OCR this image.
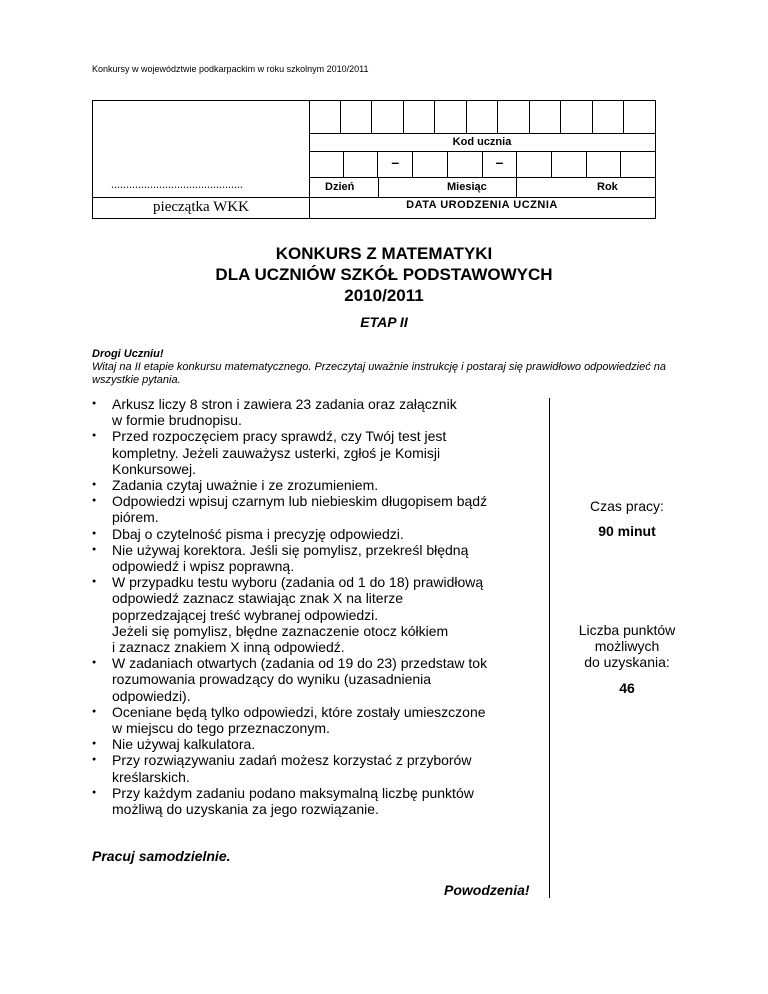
Konkursy w województwie podkarpackim w roku szkolnym 2010/2011
............................................
pieczątka WKK
Kod ucznia
–	–
Dzień	Miesiąc	Rok
DATA URODZENIA UCZNIA
KONKURS Z MATEMATYKI
DLA UCZNIÓW SZKÓŁ PODSTAWOWYCH
2010/2011
ETAP II
Drogi Uczniu!
Witaj na II etapie konkursu matematycznego. Przeczytaj uważnie instrukcję i postaraj się prawidłowo odpowiedzieć na wszystkie pytania.
● Arkusz liczy 8 stron i zawiera 23 zadania oraz załącznik
w formie brudnopisu.
● Przed rozpoczęciem pracy sprawdź, czy Twój test jest
kompletny. Jeżeli zauważysz usterki, zgłoś je Komisji
Konkursowej.
● Zadania czytaj uważnie i ze zrozumieniem.
● Odpowiedzi wpisuj czarnym lub niebieskim długopisem bądź
piórem.
● Dbaj o czytelność pisma i precyzję odpowiedzi.
● Nie używaj korektora. Jeśli się pomylisz, przekreśl błędną
odpowiedź i wpisz poprawną.
● W przypadku testu wyboru (zadania od 1 do 18) prawidłową
odpowiedź zaznacz stawiając znak X na literze
poprzedzającej treść wybranej odpowiedzi.
Jeżeli się pomylisz, błędne zaznaczenie otocz kółkiem
i zaznacz znakiem X inną odpowiedź.
● W zadaniach otwartych (zadania od 19 do 23) przedstaw tok
rozumowania prowadzący do wyniku (uzasadnienia
odpowiedzi).
● Oceniane będą tylko odpowiedzi, które zostały umieszczone
w miejscu do tego przeznaczonym.
● Nie używaj kalkulatora.
● Przy rozwiązywaniu zadań możesz korzystać z przyborów
kreślarskich.
● Przy każdym zadaniu podano maksymalną liczbę punktów
możliwą do uzyskania za jego rozwiązanie.
Czas pracy:
90 minut
Liczba punktów
możliwych
do uzyskania:
46
Pracuj samodzielnie.
Powodzenia!
